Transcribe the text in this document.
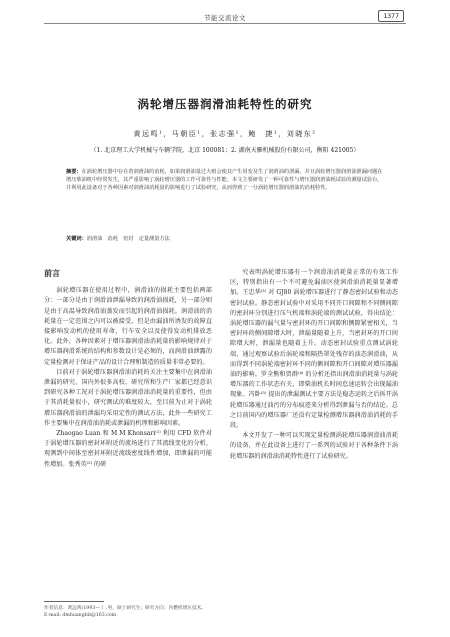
节能交流论文	1377
涡轮增压器润滑油耗特性的研究
黄远鸣¹，马朝臣¹，张志强¹，鲍　捷¹，刘晓东²
（1. 北京理工大学机械与车辆学院，北京 100081；2. 湖南天雁机械股份有限公司，衡阳 421005）
摘要：在涡轮增压器中存在着润滑油的消耗，如果润滑油量过大则会使其产生用变及生了润滑油的泄漏，并且涡轮增压器润滑油泄漏问题在增压柴油机中经常发生，其严重影响了涡轮增压器的工作可靠性与性能，本文主要研发了一种可靠性与增压器润滑油耗试验的测量试验台，并利用此设备对于各种因素对润滑油消耗量的影响进行了试验研究，从而得到了一分涡轮增压器润滑油的消耗特性。
关键词：润滑油　消耗　密封　定量测量方法
前言

涡轮增压器在使用过程中，润滑油的损耗主要包括两部分：一部分是由于润滑油泄漏导致的润滑油损耗，另一部分则是由于高温导致润滑油蒸发而引起的润滑油损耗。润滑油的消耗量在一定范围之内可以被接受，但是由漏油所诱发的故障直接影响发动机的使用寿命，行车安全以及使得发动机排放恶化。此外，各种因素对于增压器润滑油消耗量的影响规律对于增压器润滑系统的结构和参数设计是必须的，而润滑油泄露的定量检测对于保证产品的设计合理和制造的质量非常必要的。

目前对于涡轮增压器润滑油消耗的关注主要集中在润滑油泄漏的研究，国内外很多高校、研究所和生产厂家都已经意识到研究各种工况对于涡轮增压器润滑油消耗量的重要性，但由于其消耗量很小，研究测试的难度较大，至目前为止对于涡轮增压器润滑油的泄漏均采用定性的测试方法，此外一些研究工作主要集中在润滑油消耗或泄漏的机理和影响因素。

Zhaogao Luan 和 M M Khonsari⁽¹⁾ 利用 CFD 软件对于涡轮增压器的密封环附近的流场进行了其流线变化的分析，观测到中间体至密封环附近流线密度线性增加，即泄漏的可能性增加。张秀英⁽²⁾ 的研

究表明涡轮增压器有一个润滑油消耗量正常的有效工作区，特别指出有一个不可避免漏油区使润滑油消耗量显著增加。王忠华⁽³⁾ 对 GJ80 涡轮增压器进行了静态密封试验和动态密封试验。静态密封试验中对采用不同开口间隙和不同侧间隙的密封环分别进行压气机端和涡轮端的测试试验，得出结论：涡轮增压器的漏气量与密封环的开口间隙和侧隙紧密相关，当密封环的侧间隙增大时，泄漏量随着上升，当密封环的开口间隙增大时，泄漏量也随着上升。动态密封试验重点测试涡轮端，通过观察试验后涡轮端和隔热罩处残存的油态润滑油，从而得到不同涡轮端密封环不同的侧间隙和开口间隙对增压器漏油的影响。罗全熊和贾群⁽⁴⁾ 的分析还指出润滑油消耗量与涡轮增压器的工作状态有关，即柴油机长时间怠速运转会出现漏油现象。冯卧⁽⁵⁾ 提出的泄漏测试主要方法是稳态运转之后拆开涡轮增压器通过油污的分布痕迹来分析得到泄漏与否的结论。总之目前国内的增压器厂还没有定量检测增压器润滑油消耗的手段。

本文开发了一种可以实现定量检测涡轮增压器润滑油消耗的设备，并在此设备上进行了一系列的试验对于各种条件下涡轮增压器的润滑油消耗特性进行了试验研究。

作者信息：黄远鸣(1993— ）,男，硕士研究生；研究方向：内燃机增压技术。
E-mail: dmhuangbit@163.com
